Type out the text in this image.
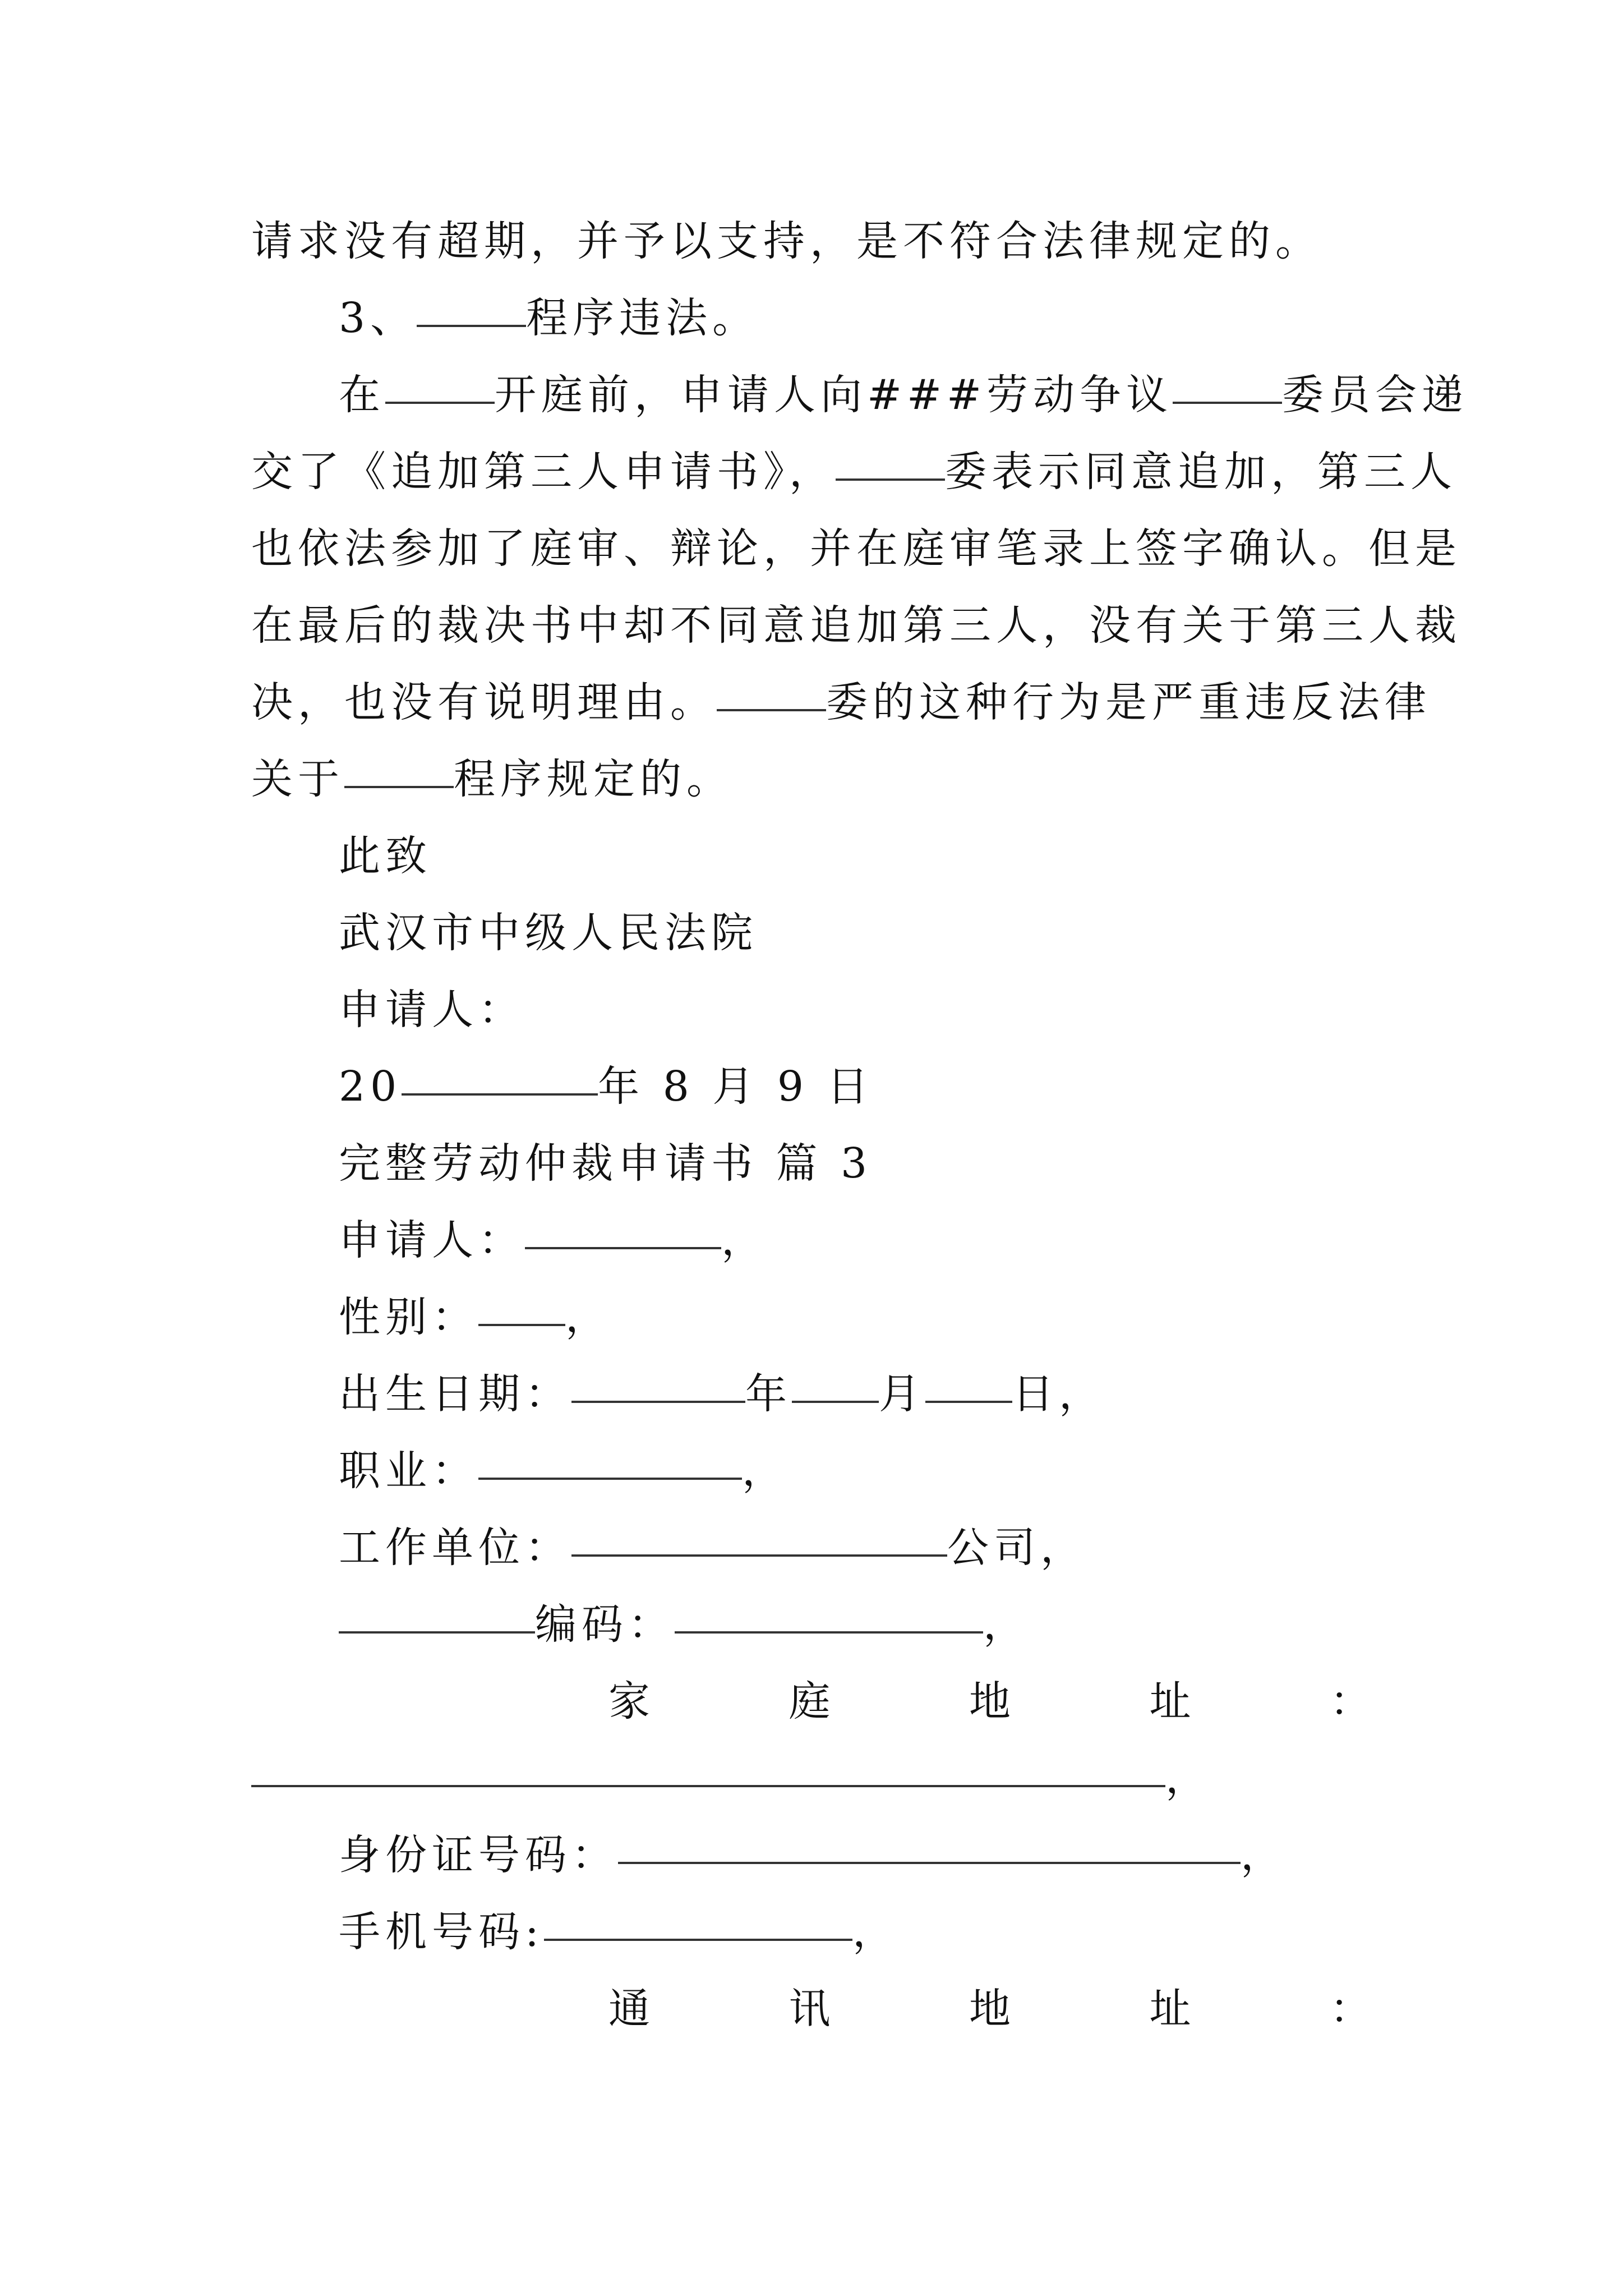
请求没有超期，并予以支持，是不符合法律规定的。
3、	程序违法。
在	开庭前，申请人向###劳动争议	委员会递
交了《追加第三人申请书》，	委表示同意追加，第三人
也依法参加了庭审、辩论，并在庭审笔录上签字确认。但是
在最后的裁决书中却不同意追加第三人，没有关于第三人裁
决，也没有说明理由。	委的这种行为是严重违反法律
关于	程序规定的。
此致
武汉市中级人民法院
申请人：
20	年 8 月 9 日
完整劳动仲裁申请书 篇 3
申请人：	，
性别： ，
出生日期：	年 月 日，
职业：	，
工作单位：	公司，
编码：	，
家	庭	地	址	：
，
身份证号码：	，
手机号码:	，
通	讯	地	址	：
